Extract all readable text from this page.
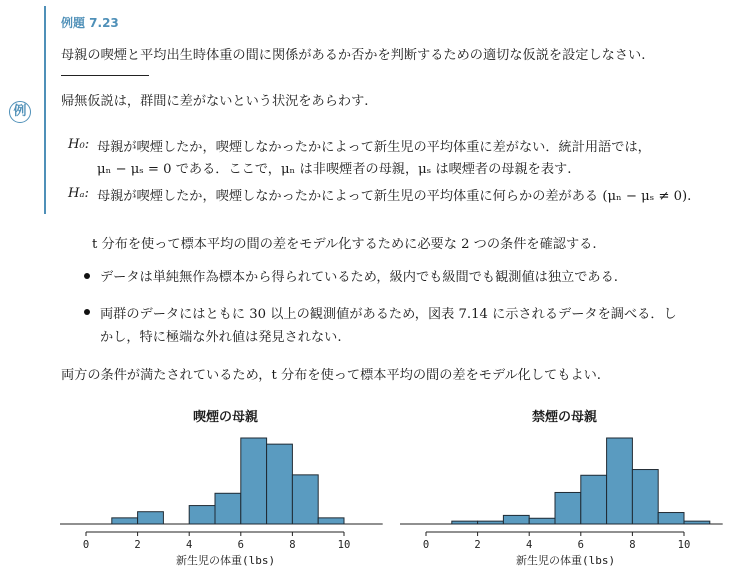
例
例題 7.23
母親の喫煙と平均出生時体重の間に関係があるか否かを判断するための適切な仮説を設定しなさい.
帰無仮説は，群間に差がないという状況をあらわす.
H₀: 母親が喫煙したか，喫煙しなかったかによって新生児の平均体重に差がない．統計用語では，
μₙ − μₛ = 0 である．ここで，μₙ は非喫煙者の母親，μₛ は喫煙者の母親を表す.
Hₐ: 母親が喫煙したか，喫煙しなかったかによって新生児の平均体重に何らかの差がある (μₙ − μₛ ≠ 0).
t 分布を使って標本平均の間の差をモデル化するために必要な 2 つの条件を確認する.
データは単純無作為標本から得られているため，級内でも級間でも観測値は独立である.
両群のデータにはともに 30 以上の観測値があるため，図表 7.14 に示されるデータを調べる．し
かし，特に極端な外れ値は発見されない.
両方の条件が満たされているため，t 分布を使って標本平均の間の差をモデル化してもよい.
喫煙の母親
0	2	4	6	8	10
新生児の体重(lbs)
禁煙の母親
0	2	4	6	8	10
新生児の体重(lbs)
